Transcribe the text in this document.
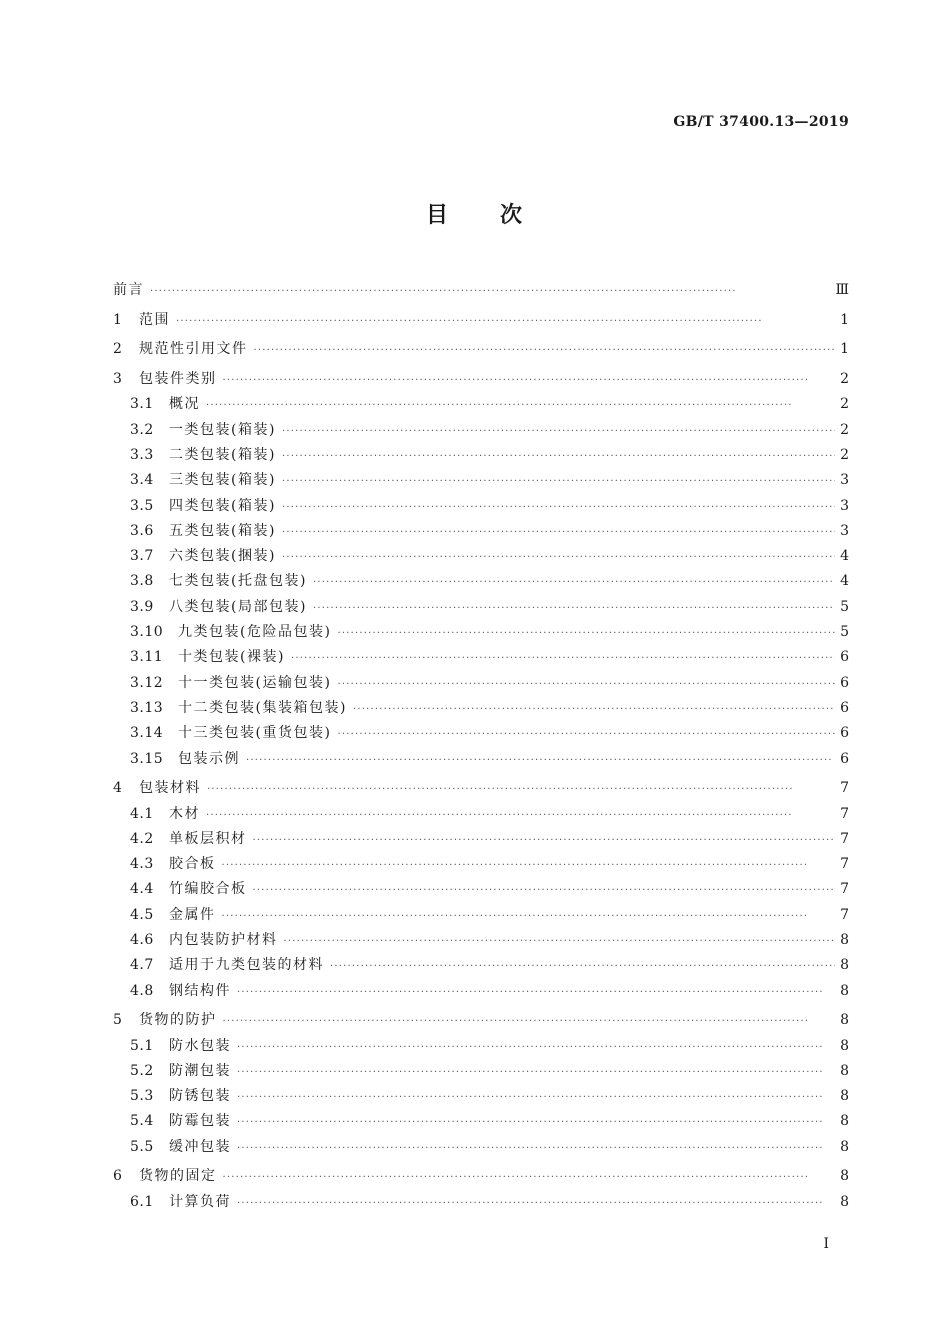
GB/T 37400.13—2019
目 次
前言 ·····	Ⅲ
1	范围 ·····	1
2	规范性引用文件 ·····	1
3	包装件类别 ·····	2
3.1	概况 ·····	2
3.2	一类包装(箱装) ·····	2
3.3	二类包装(箱装) ·····	2
3.4	三类包装(箱装) ·····	3
3.5	四类包装(箱装) ·····	3
3.6	五类包装(箱装) ·····	3
3.7	六类包装(捆装) ·····	4
3.8	七类包装(托盘包装) ·····	4
3.9	八类包装(局部包装) ·····	5
3.10	九类包装(危险品包装) ·····	5
3.11	十类包装(裸装) ·····	6
3.12	十一类包装(运输包装) ·····	6
3.13	十二类包装(集装箱包装) ·····	6
3.14	十三类包装(重货包装) ·····	6
3.15	包装示例 ·····	6
4	包装材料 ·····	7
4.1	木材 ·····	7
4.2	单板层积材 ·····	7
4.3	胶合板 ·····	7
4.4	竹编胶合板 ·····	7
4.5	金属件 ·····	7
4.6	内包装防护材料 ·····	8
4.7	适用于九类包装的材料 ·····	8
4.8	钢结构件 ·····	8
5	货物的防护 ·····	8
5.1	防水包装 ·····	8
5.2	防潮包装 ·····	8
5.3	防锈包装 ·····	8
5.4	防霉包装 ·····	8
5.5	缓冲包装 ·····	8
6	货物的固定 ·····	8
6.1	计算负荷 ·····	8
I
